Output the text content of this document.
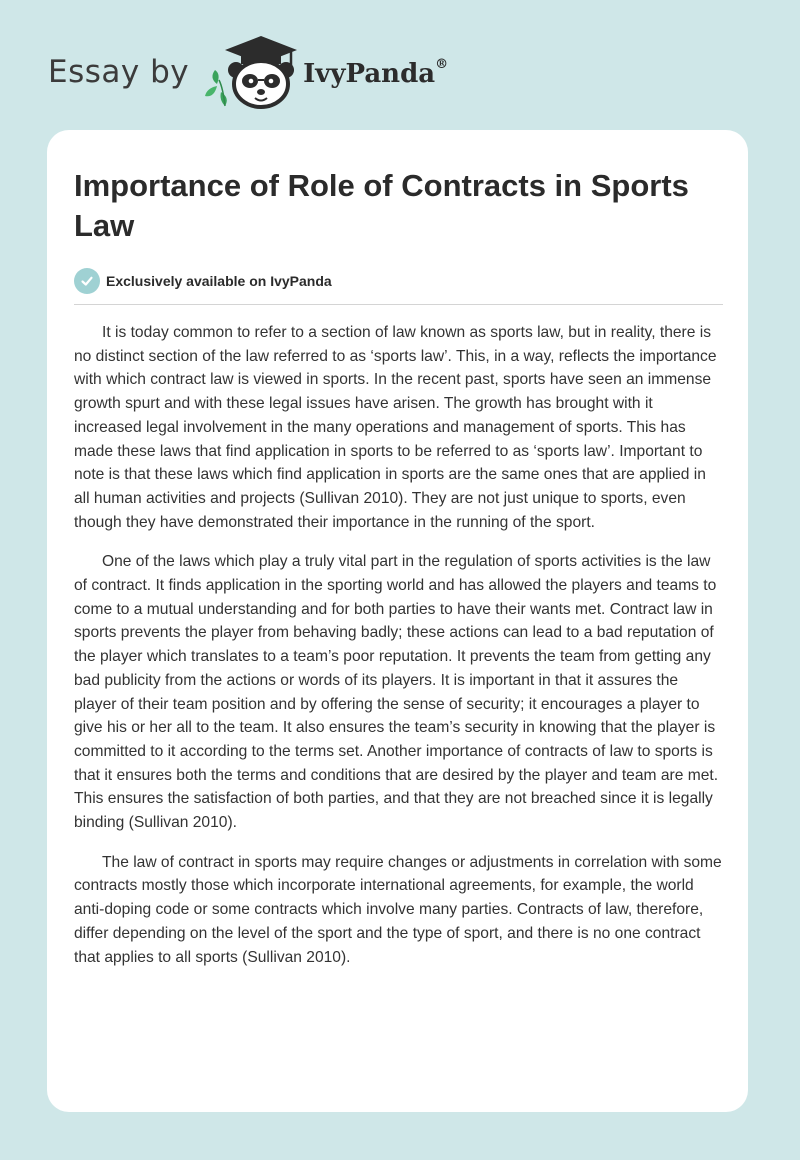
Essay by	IvyPanda®
Importance of Role of Contracts in Sports Law
Exclusively available on IvyPanda

It is today common to refer to a section of law known as sports law, but in reality, there is no distinct section of the law referred to as ‘sports law’. This, in a way, reflects the importance with which contract law is viewed in sports. In the recent past, sports have seen an immense growth spurt and with these legal issues have arisen. The growth has brought with it increased legal involvement in the many operations and management of sports. This has made these laws that find application in sports to be referred to as ‘sports law’. Important to note is that these laws which find application in sports are the same ones that are applied in all human activities and projects (Sullivan 2010). They are not just unique to sports, even though they have demonstrated their importance in the running of the sport.

One of the laws which play a truly vital part in the regulation of sports activities is the law of contract. It finds application in the sporting world and has allowed the players and teams to come to a mutual understanding and for both parties to have their wants met. Contract law in sports prevents the player from behaving badly; these actions can lead to a bad reputation of the player which translates to a team’s poor reputation. It prevents the team from getting any bad publicity from the actions or words of its players. It is important in that it assures the player of their team position and by offering the sense of security; it encourages a player to give his or her all to the team. It also ensures the team’s security in knowing that the player is committed to it according to the terms set. Another importance of contracts of law to sports is that it ensures both the terms and conditions that are desired by the player and team are met. This ensures the satisfaction of both parties, and that they are not breached since it is legally binding (Sullivan 2010).

The law of contract in sports may require changes or adjustments in correlation with some contracts mostly those which incorporate international agreements, for example, the world anti-doping code or some contracts which involve many parties. Contracts of law, therefore, differ depending on the level of the sport and the type of sport, and there is no one contract that applies to all sports (Sullivan 2010).
